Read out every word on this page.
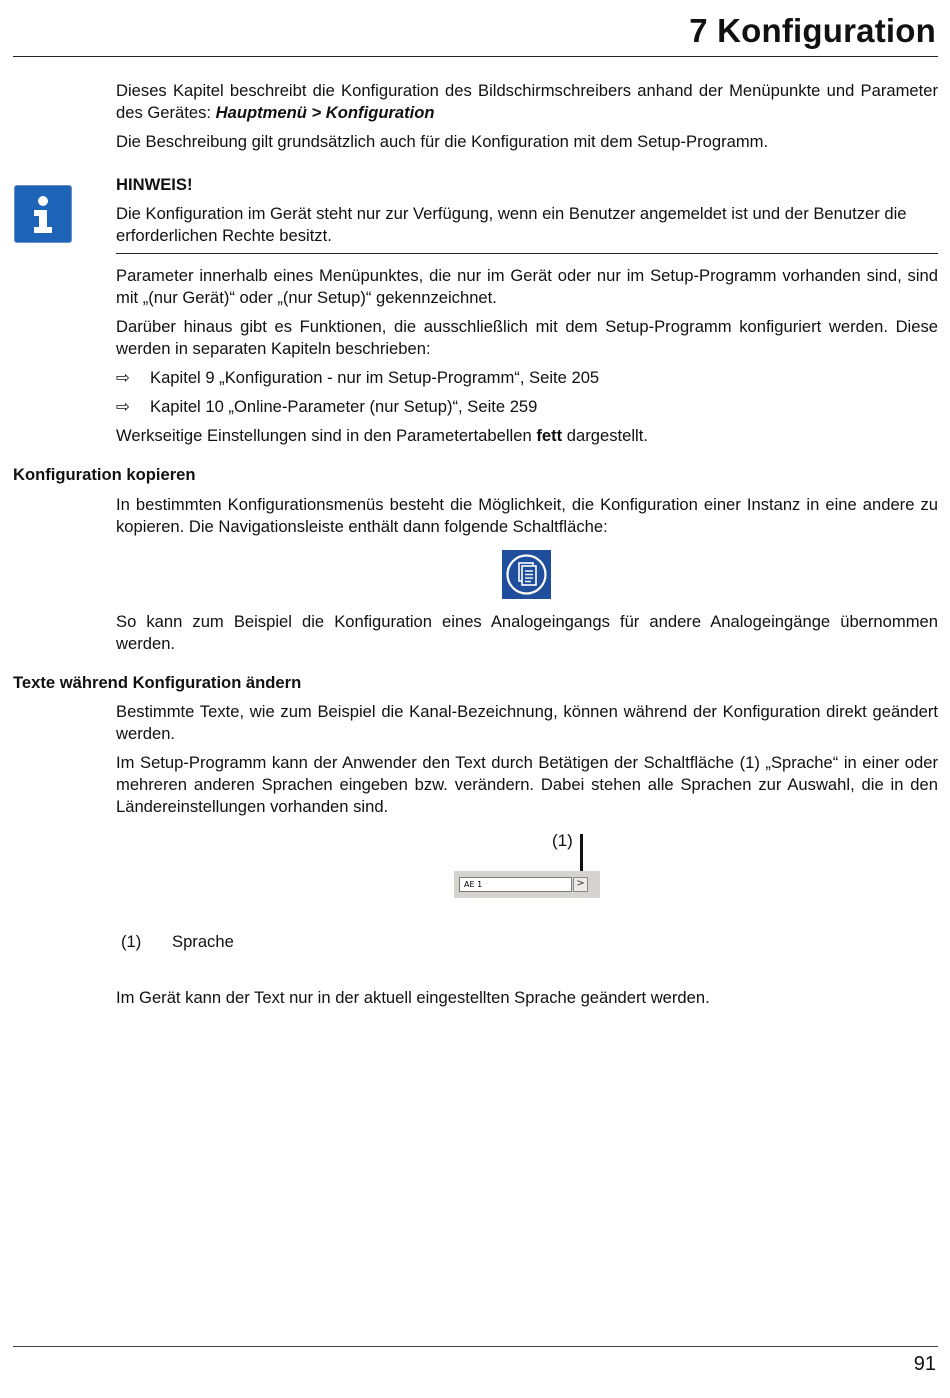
7 Konfiguration
Dieses Kapitel beschreibt die Konfiguration des Bildschirmschreibers anhand der Menüpunkte und Parameter des Gerätes: Hauptmenü > Konfiguration
Die Beschreibung gilt grundsätzlich auch für die Konfiguration mit dem Setup-Programm.
HINWEIS!
Die Konfiguration im Gerät steht nur zur Verfügung, wenn ein Benutzer angemeldet ist und der Benutzer die erforderlichen Rechte besitzt.
Parameter innerhalb eines Menüpunktes, die nur im Gerät oder nur im Setup-Programm vorhanden sind, sind mit „(nur Gerät)“ oder „(nur Setup)“ gekennzeichnet.
Darüber hinaus gibt es Funktionen, die ausschließlich mit dem Setup-Programm konfiguriert werden. Diese werden in separaten Kapiteln beschrieben:
⇨ Kapitel 9 „Konfiguration - nur im Setup-Programm“, Seite 205
⇨ Kapitel 10 „Online-Parameter (nur Setup)“, Seite 259
Werkseitige Einstellungen sind in den Parametertabellen fett dargestellt.
Konfiguration kopieren
In bestimmten Konfigurationsmenüs besteht die Möglichkeit, die Konfiguration einer Instanz in eine andere zu kopieren. Die Navigationsleiste enthält dann folgende Schaltfläche:
So kann zum Beispiel die Konfiguration eines Analogeingangs für andere Analogeingänge übernommen werden.
Texte während Konfiguration ändern
Bestimmte Texte, wie zum Beispiel die Kanal-Bezeichnung, können während der Konfiguration direkt geändert werden.
Im Setup-Programm kann der Anwender den Text durch Betätigen der Schaltfläche (1) „Sprache“ in einer oder mehreren anderen Sprachen eingeben bzw. verändern. Dabei stehen alle Sprachen zur Auswahl, die in den Ländereinstellungen vorhanden sind.
(1)
AE 1	>
(1) Sprache
Im Gerät kann der Text nur in der aktuell eingestellten Sprache geändert werden.
91
